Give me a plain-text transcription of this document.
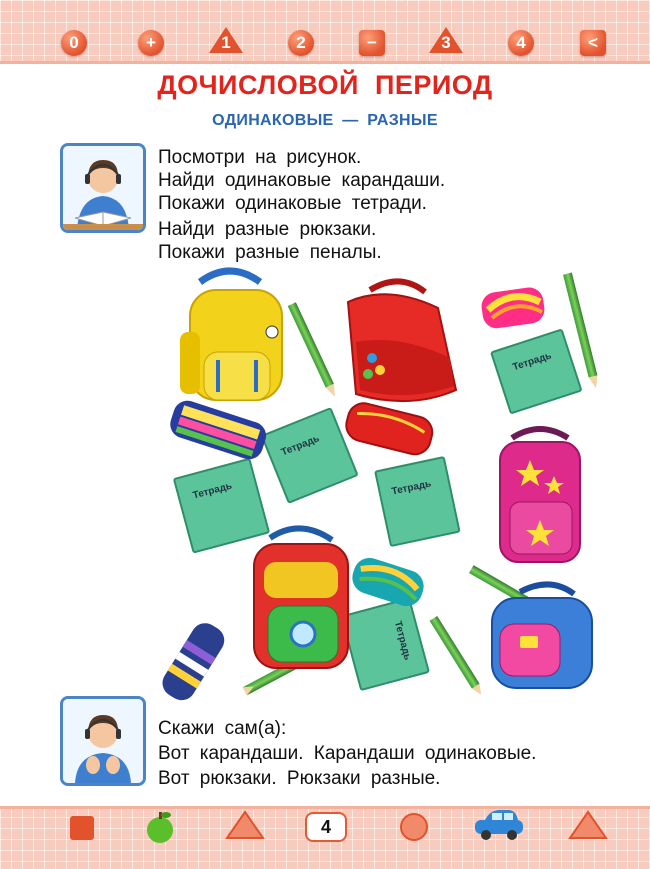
0	+	1	2	−	3	4	<
ДОЧИСЛОВОЙ ПЕРИОД
ОДИНАКОВЫЕ — РАЗНЫЕ
Посмотри на рисунок.
Найди одинаковые карандаши.
Покажи одинаковые тетради.
Найди разные рюкзаки.
Покажи разные пеналы.
Тетрадь
Тетрадь
Тетрадь	Тетрадь
Тетрадь
Скажи сам(а):
Вот карандаши. Карандаши одинаковые.
Вот рюкзаки. Рюкзаки разные.
4
